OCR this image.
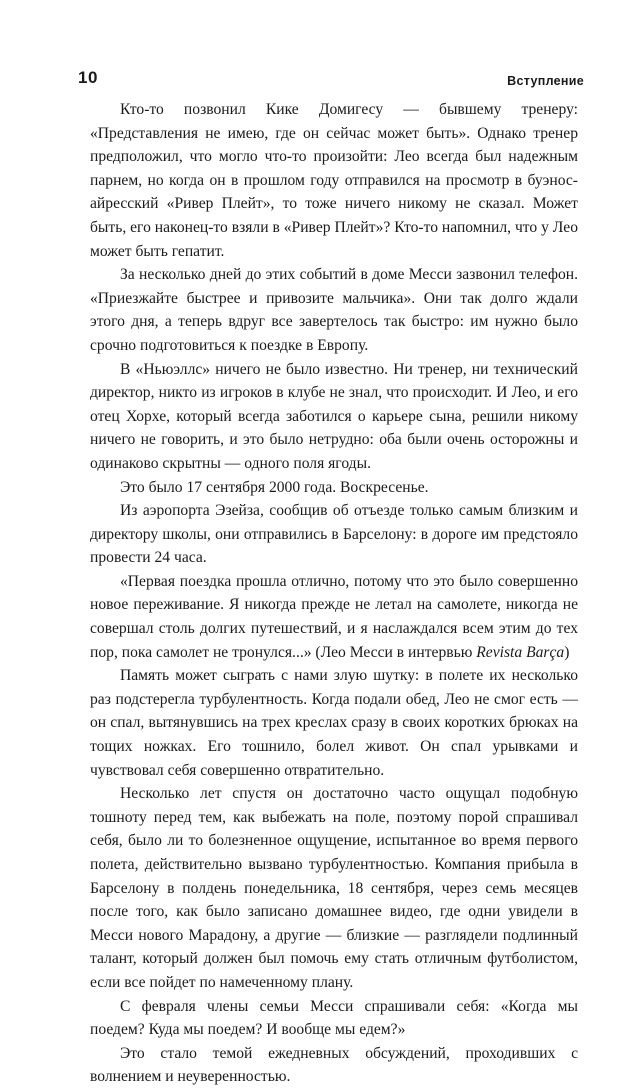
10	Вступление

Кто-то позвонил Кике Домигесу — бывшему тренеру: «Представления не имею, где он сейчас может быть». Однако тренер предположил, что могло что-то произойти: Лео всегда был надежным парнем, но когда он в прошлом году отправился на просмотр в буэнос-айресский «Ривер Плейт», то тоже ничего никому не сказал. Может быть, его наконец-то взяли в «Ривер Плейт»? Кто-то напомнил, что у Лео может быть гепатит.

За несколько дней до этих событий в доме Месси зазвонил телефон. «Приезжайте быстрее и привозите мальчика». Они так долго ждали этого дня, а теперь вдруг все завертелось так быстро: им нужно было срочно подготовиться к поездке в Европу.

В «Ньюэллс» ничего не было известно. Ни тренер, ни технический директор, никто из игроков в клубе не знал, что происходит. И Лео, и его отец Хорхе, который всегда заботился о карьере сына, решили никому ничего не говорить, и это было нетрудно: оба были очень осторожны и одинаково скрытны — одного поля ягоды.

Это было 17 сентября 2000 года. Воскресенье.

Из аэропорта Эзейза, сообщив об отъезде только самым близким и директору школы, они отправились в Барселону: в дороге им предстояло провести 24 часа.

«Первая поездка прошла отлично, потому что это было совершенно новое переживание. Я никогда прежде не летал на самолете, никогда не совершал столь долгих путешествий, и я наслаждался всем этим до тех пор, пока самолет не тронулся...» (Лео Месси в интервью Revista Barça)

Память может сыграть с нами злую шутку: в полете их несколько раз подстерегла турбулентность. Когда подали обед, Лео не смог есть — он спал, вытянувшись на трех креслах сразу в своих коротких брюках на тощих ножках. Его тошнило, болел живот. Он спал урывками и чувствовал себя совершенно отвратительно.

Несколько лет спустя он достаточно часто ощущал подобную тошноту перед тем, как выбежать на поле, поэтому порой спрашивал себя, было ли то болезненное ощущение, испытанное во время первого полета, действительно вызвано турбулентностью. Компания прибыла в Барселону в полдень понедельника, 18 сентября, через семь месяцев после того, как было записано домашнее видео, где одни увидели в Месси нового Марадону, а другие — близкие — разглядели подлинный талант, который должен был помочь ему стать отличным футболистом, если все пойдет по намеченному плану.

С февраля члены семьи Месси спрашивали себя: «Когда мы поедем? Куда мы поедем? И вообще мы едем?»

Это стало темой ежедневных обсуждений, проходивших с волнением и неуверенностью.
